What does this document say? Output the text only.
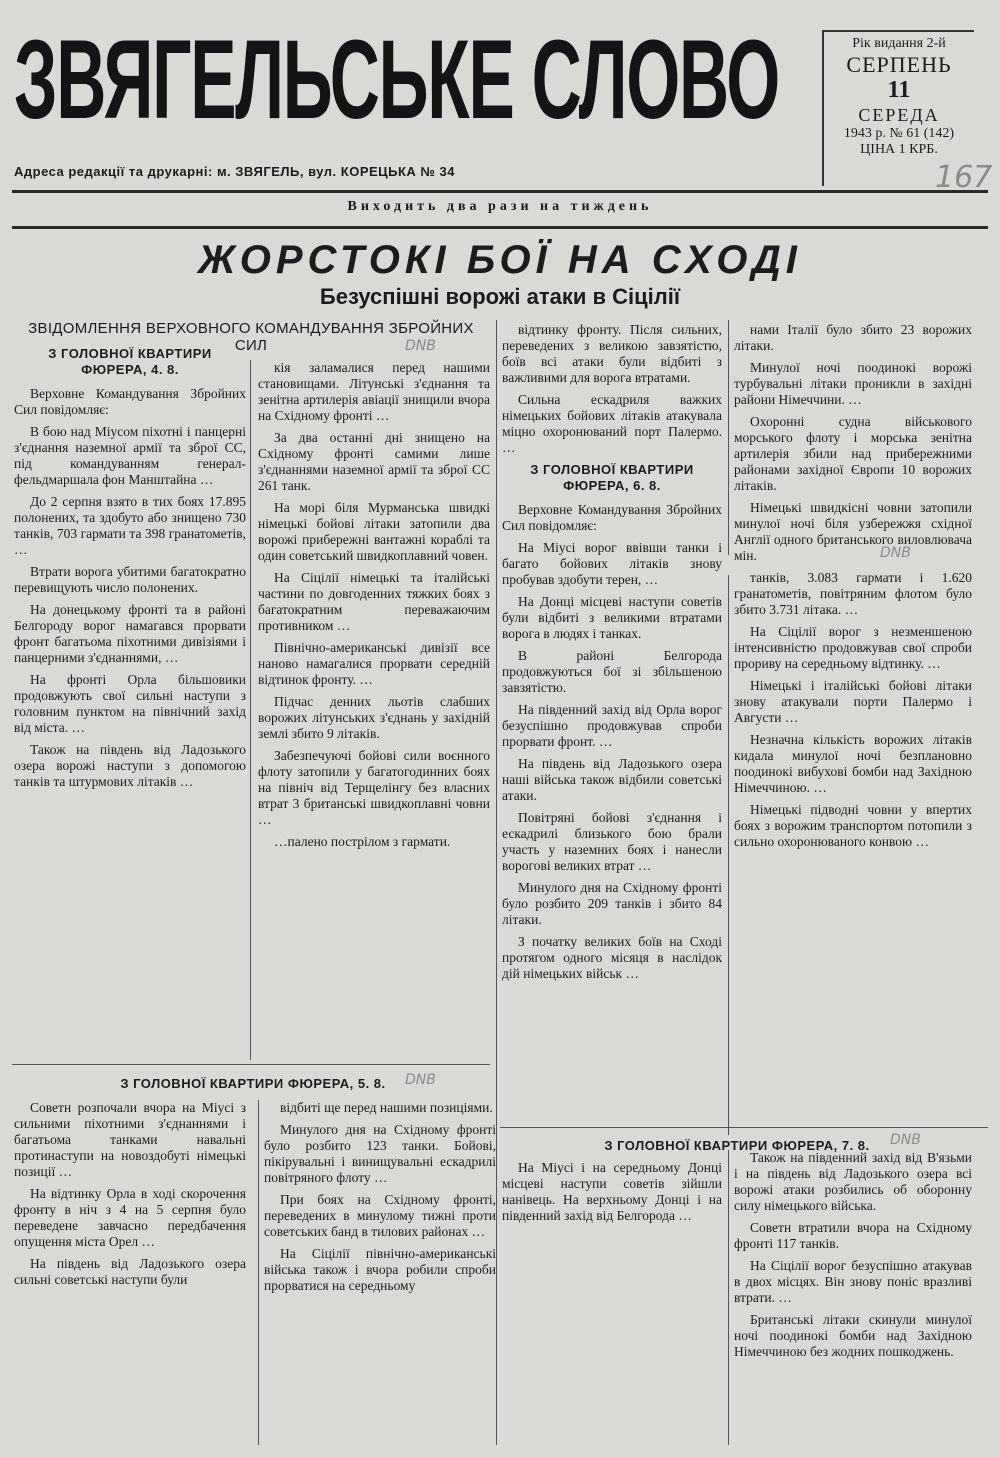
ЗВЯГЕЛЬСЬКЕ СЛОВО	Рік видання 2-й
СЕРПЕНЬ
11
СЕРЕДА
1943 р. № 61 (142)
ЦІНА 1 КРБ.
Адреса редакції та друкарні: м. ЗВЯГЕЛЬ, вул. КОРЕЦЬКА № 34
Виходить два рази на тиждень
ЖОРСТОКІ БОЇ НА СХОДІ
Безуспішні ворожі атаки в Сіцілії
ЗВІДОМЛЕННЯ ВЕРХОВНОГО КОМАНДУВАННЯ ЗБРОЙНИХ СИЛ
З ГОЛОВНОЇ КВАРТИРИ ФЮРЕРА, 4. 8.

Верховне Командування Збройних Сил повідомляє:

В бою над Міусом піхотні і панцерні з'єднання наземної армії та зброї СС, під командуванням генерал-фельдмаршала фон Манштайна …

До 2 серпня взято в тих боях 17.895 полонених, та здобуто або знищено 730 танків, 703 гармати та 398 гранатометів, …

Втрати ворога убитими багатократно перевищують число полонених.

На донецькому фронті та в районі Белгороду ворог намагався прорвати фронт багатьома піхотними дивізіями і панцерними з'єднаннями, …

На фронті Орла більшовики продовжують свої сильні наступи з головним пунктом на північний захід від міста. …

Також на південь від Ладозького озера ворожі наступи з допомогою танків та штурмових літаків …

кія заламалися перед нашими становищами. Літунські з'єднання та зенітна артилерія авіації знищили вчора на Східному фронті …

За два останні дні знищено на Східному фронті самими лише з'єднаннями наземної армії та зброї СС 261 танк.

На морі біля Мурманська швидкі німецькі бойові літаки затопили два ворожі прибережні вантажні кораблі та один советський швидкоплавний човен.

На Сіцілії німецькі та італійські частини по довгоденних тяжких боях з багатократним переважаючим противником …

Північно-американські дивізії все наново намагалися прорвати середній відтинок фронту. …

Підчас денних льотів слабших ворожих літунських з'єднань у західній землі збито 9 літаків.

Забезпечуючі бойові сили воєнного флоту затопили у багатогодинних боях на північ від Терщелінгу без власних втрат 3 британські швидкоплавні човни …

…палено пострілом з гармати.

З ГОЛОВНОЇ КВАРТИРИ ФЮРЕРА, 5. 8.

Советн розпочали вчора на Міусі з сильними піхотними з'єднаннями і багатьома танками навальні протинаступи на новоздобуті німецькі позиції …

На відтинку Орла в ході скорочення фронту в ніч з 4 на 5 серпня було переведене завчасно передбачення опущення міста Орел …

На південь від Ладозького озера сильні советські наступи були

відбиті ще перед нашими позиціями.

Минулого дня на Східному фронті було розбито 123 танки. Бойові, пікірувальні і винищувальні ескадрилі повітряного флоту …

При боях на Східному фронті, переведених в минулому тижні проти советських банд в тилових районах …

На Сіцілії північно-американські війська також і вчора робили спроби прорватися на середньому

відтинку фронту. Після сильних, переведених з великою завзятістю, боїв всі атаки були відбиті з важливими для ворога втратами.

Сильна ескадриля важких німецьких бойових літаків атакувала міцно охоронюваний порт Палермо. …

З ГОЛОВНОЇ КВАРТИРИ ФЮРЕРА, 6. 8.

Верховне Командування Збройних Сил повідомляє:

На Міусі ворог ввівши танки і багато бойових літаків знову пробував здобути терен, …

На Донці місцеві наступи советів були відбиті з великими втратами ворога в людях і танках.

В районі Белгорода продовжуються бої зі збільшеною завзятістю.

На південний захід від Орла ворог безуспішно продовжував спроби прорвати фронт. …

На південь від Ладозького озера наші війська також відбили советські атаки.

Повітряні бойові з'єднання і ескадрилі близького бою брали участь у наземних боях і нанесли ворогові великих втрат …

Минулого дня на Східному фронті було розбито 209 танків і збито 84 літаки.

З початку великих боїв на Сході протягом одного місяця в наслідок дій німецьких військ …

нами Італії було збито 23 ворожих літаки.

Минулої ночі поодинокі ворожі турбувальні літаки проникли в західні райони Німеччини. …

Охоронні судна військового морського флоту і морська зенітна артилерія збили над прибережними районами західної Європи 10 ворожих літаків.

Німецькі швидкісні човни затопили минулої ночі біля узбережжя східної Англії одного британського виловлювача мін.

танків, 3.083 гармати і 1.620 гранатометів, повітряним флотом було збито 3.731 літака. …

На Сіцілії ворог з незменшеною інтенсивністю продовжував свої спроби прориву на середньому відтинку. …

Німецькі і італійські бойові літаки знову атакували порти Палермо і Августи …

Незначна кількість ворожих літаків кидала минулої ночі безплановно поодинокі вибухові бомби над Західною Німеччиною. …

Німецькі підводні човни у впертих боях з ворожим транспортом потопили з сильно охоронюваного конвою …

З ГОЛОВНОЇ КВАРТИРИ ФЮРЕРА, 7. 8.

На Міусі і на середньому Донці місцеві наступи советів зійшли нанівець. На верхньому Донці і на південний захід від Белгорода …

Також на південний захід від В'язьми і на південь від Ладозького озера всі ворожі атаки розбились об оборонну силу німецького війська.

Советн втратили вчора на Східному фронті 117 танків.

На Сіцілії ворог безуспішно атакував в двох місцях. Він знову поніс вразливі втрати. …

Британські літаки скинули минулої ночі поодинокі бомби над Західною Німеччиною без жодних пошкоджень.

DNB
DNB
DNB
DNB
167
